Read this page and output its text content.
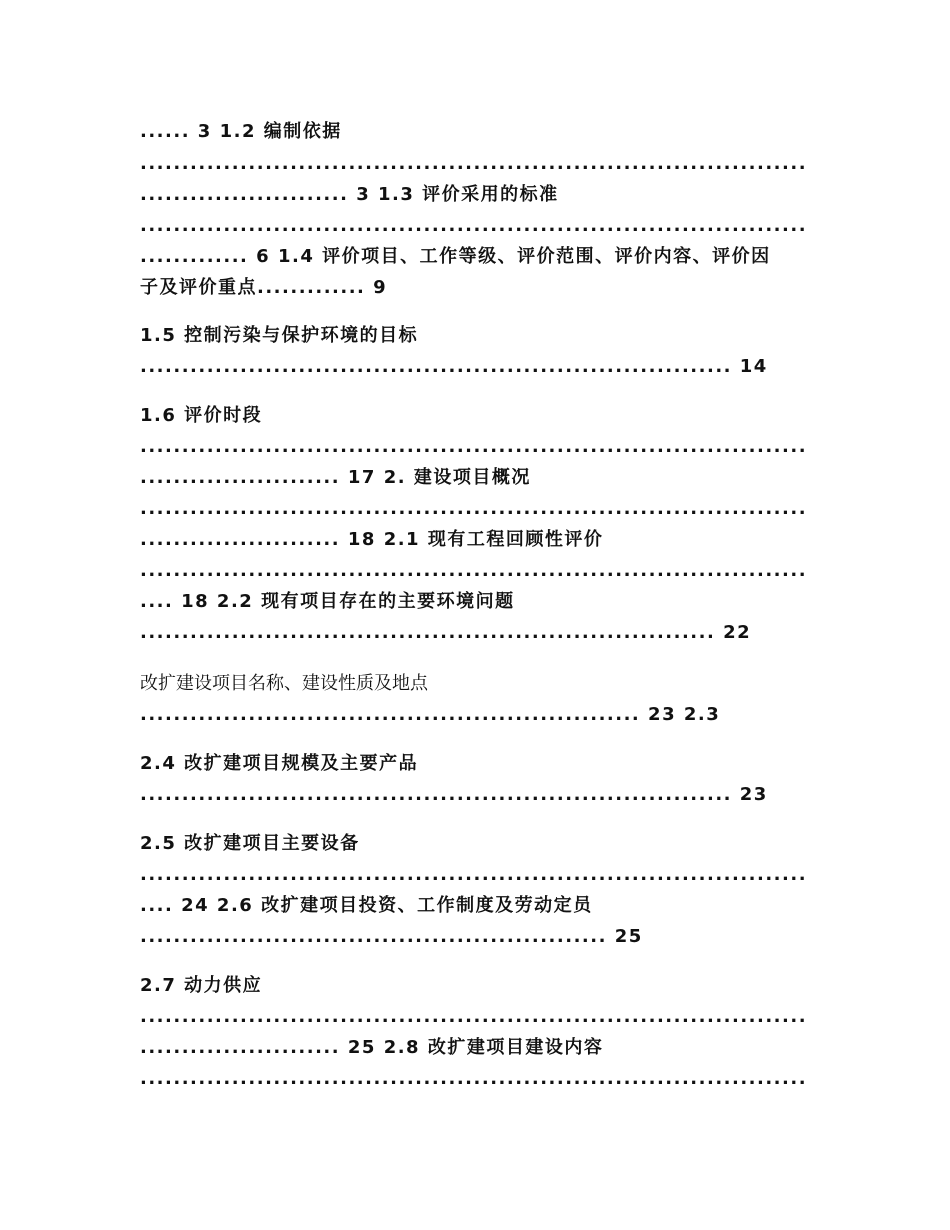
...... 3 1.2 编制依据
................................................................................
......................... 3 1.3 评价采用的标准
................................................................................
............. 6 1.4 评价项目、工作等级、评价范围、评价内容、评价因
子及评价重点............. 9
1.5 控制污染与保护环境的目标
....................................................................... 14
1.6 评价时段
................................................................................
........................ 17 2. 建设项目概况
................................................................................
........................ 18 2.1 现有工程回顾性评价
................................................................................
.... 18 2.2 现有项目存在的主要环境问题
..................................................................... 22
改扩建设项目名称、建设性质及地点
............................................................ 23 2.3
2.4 改扩建项目规模及主要产品
....................................................................... 23
2.5 改扩建项目主要设备
................................................................................
.... 24 2.6 改扩建项目投资、工作制度及劳动定员
........................................................ 25
2.7 动力供应
................................................................................
........................ 25 2.8 改扩建项目建设内容
................................................................................
